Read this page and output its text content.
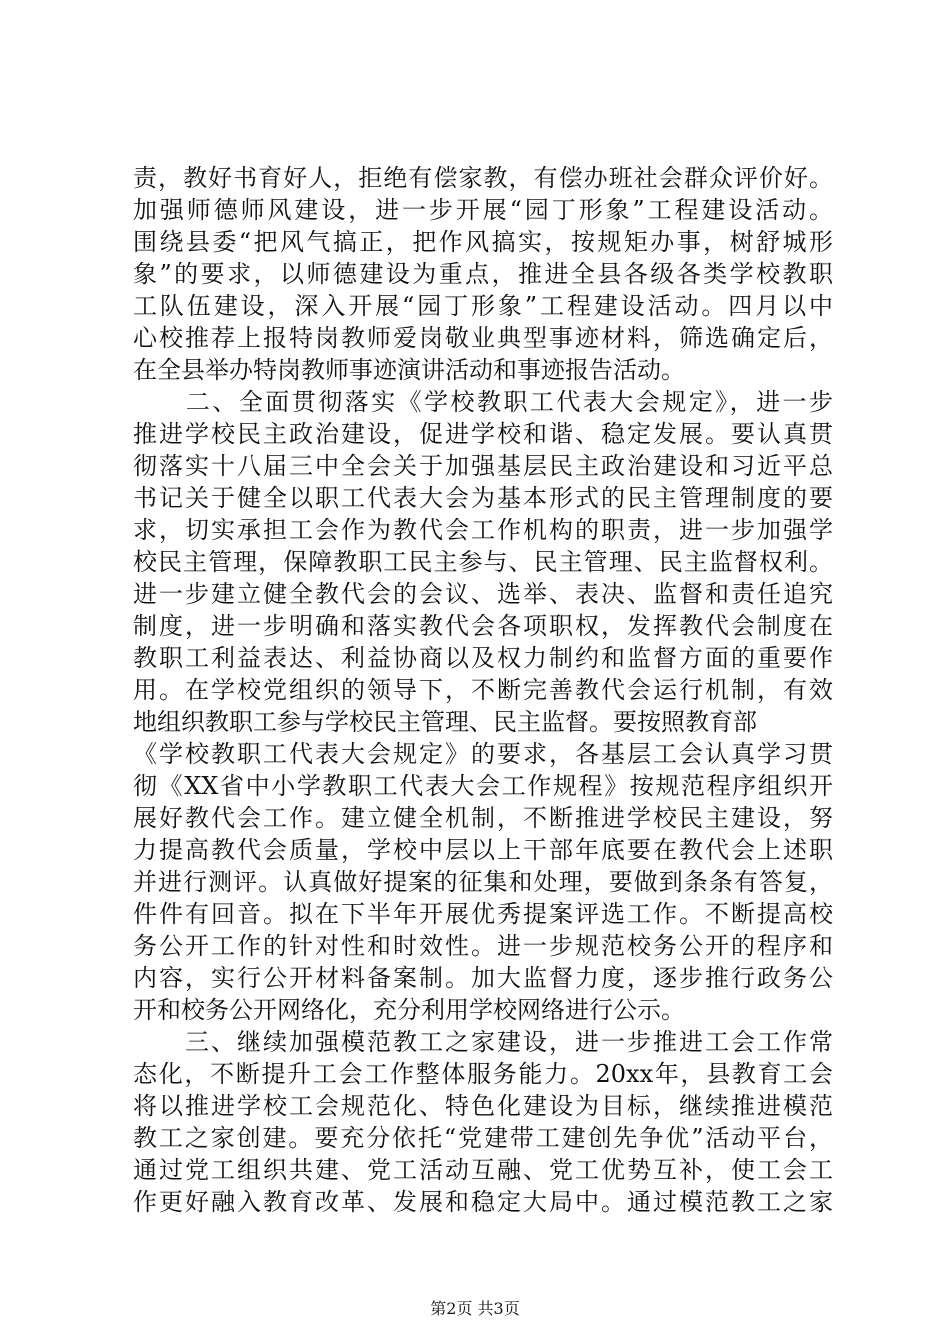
责，教好书育好人，拒绝有偿家教，有偿办班社会群众评价好。
加强师德师风建设，进一步开展“园丁形象”工程建设活动。
围绕县委“把风气搞正，把作风搞实，按规矩办事，树舒城形
象”的要求，以师德建设为重点，推进全县各级各类学校教职
工队伍建设，深入开展“园丁形象”工程建设活动。四月以中
心校推荐上报特岗教师爱岗敬业典型事迹材料，筛选确定后，
在全县举办特岗教师事迹演讲活动和事迹报告活动。
　　二、全面贯彻落实《学校教职工代表大会规定》，进一步
推进学校民主政治建设，促进学校和谐、稳定发展。要认真贯
彻落实十八届三中全会关于加强基层民主政治建设和习近平总
书记关于健全以职工代表大会为基本形式的民主管理制度的要
求，切实承担工会作为教代会工作机构的职责，进一步加强学
校民主管理，保障教职工民主参与、民主管理、民主监督权利。
进一步建立健全教代会的会议、选举、表决、监督和责任追究
制度，进一步明确和落实教代会各项职权，发挥教代会制度在
教职工利益表达、利益协商以及权力制约和监督方面的重要作
用。在学校党组织的领导下，不断完善教代会运行机制，有效
地组织教职工参与学校民主管理、民主监督。要按照教育部
《学校教职工代表大会规定》的要求，各基层工会认真学习贯
彻《XX省中小学教职工代表大会工作规程》按规范程序组织开
展好教代会工作。建立健全机制，不断推进学校民主建设，努
力提高教代会质量，学校中层以上干部年底要在教代会上述职
并进行测评。认真做好提案的征集和处理，要做到条条有答复，
件件有回音。拟在下半年开展优秀提案评选工作。不断提高校
务公开工作的针对性和时效性。进一步规范校务公开的程序和
内容，实行公开材料备案制。加大监督力度，逐步推行政务公
开和校务公开网络化，充分利用学校网络进行公示。
　　三、继续加强模范教工之家建设，进一步推进工会工作常
态化，不断提升工会工作整体服务能力。20xx年，县教育工会
将以推进学校工会规范化、特色化建设为目标，继续推进模范
教工之家创建。要充分依托“党建带工建创先争优”活动平台，
通过党工组织共建、党工活动互融、党工优势互补，使工会工
作更好融入教育改革、发展和稳定大局中。通过模范教工之家
第2页 共3页
